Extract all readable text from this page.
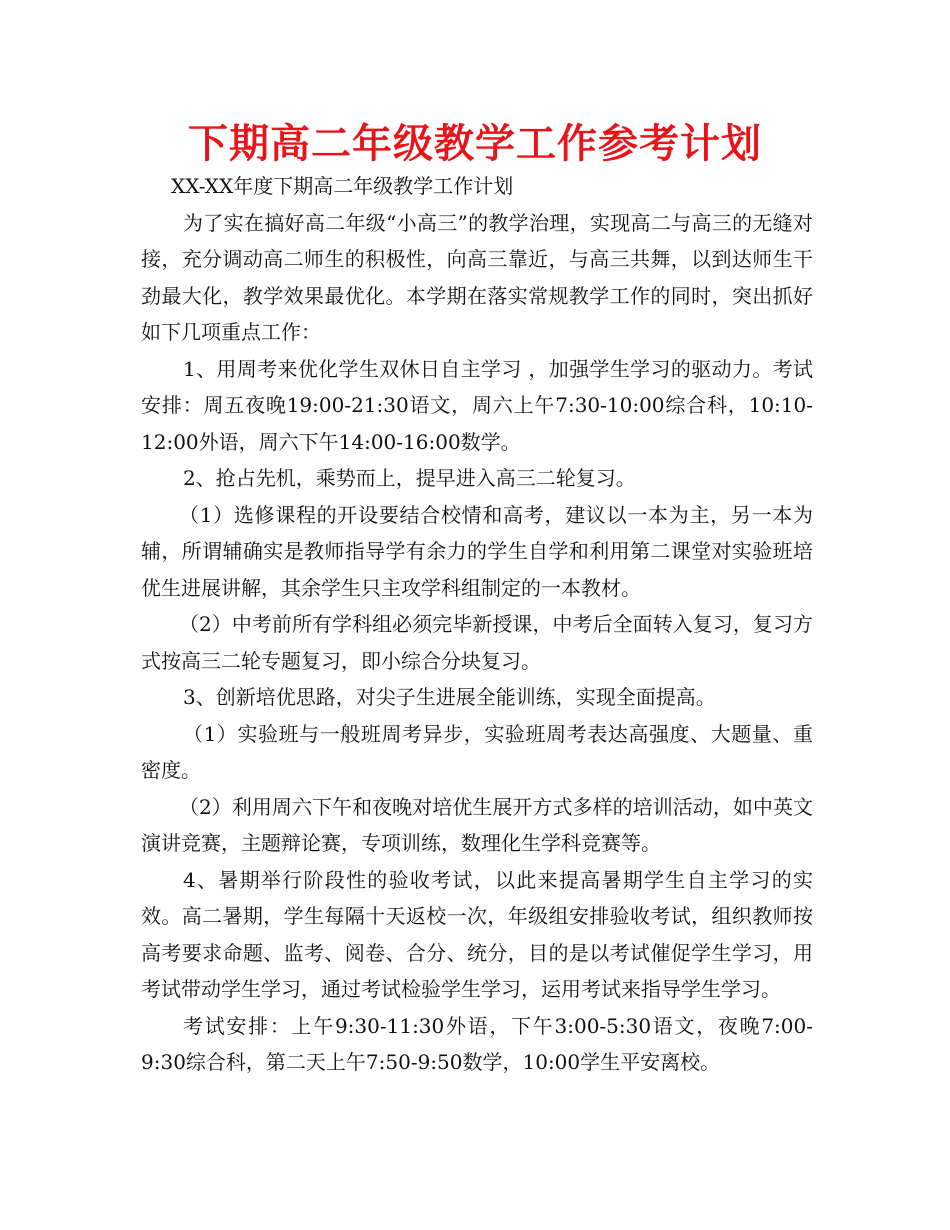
下期高二年级教学工作参考计划

XX-XX年度下期高二年级教学工作计划

为了实在搞好高二年级“小高三”的教学治理，实现高二与高三的无缝对接，充分调动高二师生的积极性，向高三靠近，与高三共舞，以到达师生干劲最大化，教学效果最优化。本学期在落实常规教学工作的同时，突出抓好如下几项重点工作：

1、用周考来优化学生双休日自主学习 ，加强学生学习的驱动力。考试安排：周五夜晚19:00-21:30语文，周六上午7:30-10:00综合科，10:10-12:00外语，周六下午14:00-16:00数学。

2、抢占先机，乘势而上，提早进入高三二轮复习。

（1）选修课程的开设要结合校情和高考，建议以一本为主，另一本为辅，所谓辅确实是教师指导学有余力的学生自学和利用第二课堂对实验班培优生进展讲解，其余学生只主攻学科组制定的一本教材。

（2）中考前所有学科组必须完毕新授课，中考后全面转入复习，复习方式按高三二轮专题复习，即小综合分块复习。

3、创新培优思路，对尖子生进展全能训练，实现全面提高。

（1）实验班与一般班周考异步，实验班周考表达高强度、大题量、重密度。

（2）利用周六下午和夜晚对培优生展开方式多样的培训活动，如中英文演讲竞赛，主题辩论赛，专项训练，数理化生学科竞赛等。

4、暑期举行阶段性的验收考试，以此来提高暑期学生自主学习的实效。高二暑期，学生每隔十天返校一次，年级组安排验收考试，组织教师按高考要求命题、监考、阅卷、合分、统分，目的是以考试催促学生学习，用考试带动学生学习，通过考试检验学生学习，运用考试来指导学生学习。

考试安排：上午9:30-11:30外语，下午3:00-5:30语文，夜晚7:00-9:30综合科，第二天上午7:50-9:50数学，10:00学生平安离校。
